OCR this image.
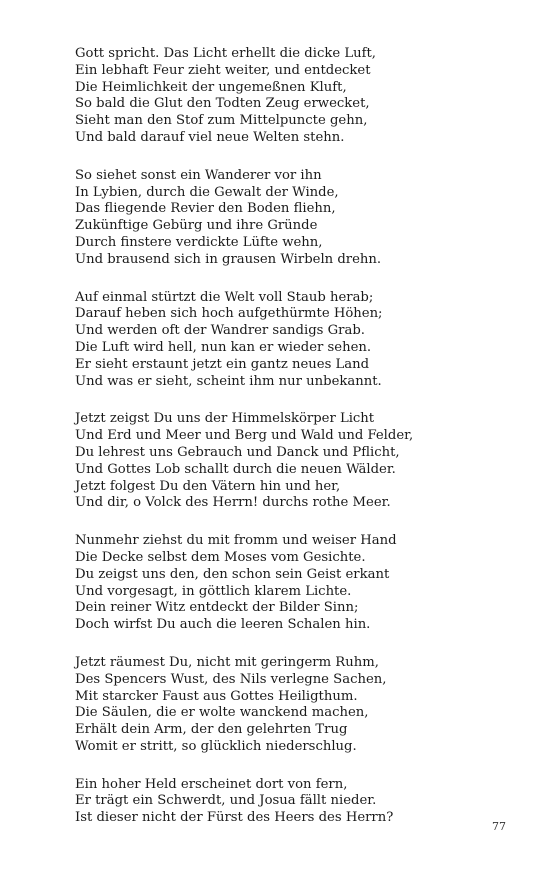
Gott spricht. Das Licht erhellt die dicke Luft,
Ein lebhaft Feur zieht weiter, und entdecket
Die Heimlichkeit der ungemeßnen Kluft,
So bald die Glut den Todten Zeug erwecket,
Sieht man den Stof zum Mittelpuncte gehn,
Und bald darauf viel neue Welten stehn.
So siehet sonst ein Wanderer vor ihn
In Lybien, durch die Gewalt der Winde,
Das fliegende Revier den Boden fliehn,
Zukünftige Gebürg und ihre Gründe
Durch finstere verdickte Lüfte wehn,
Und brausend sich in grausen Wirbeln drehn.
Auf einmal stürtzt die Welt voll Staub herab;
Darauf heben sich hoch aufgethürmte Höhen;
Und werden oft der Wandrer sandigs Grab.
Die Luft wird hell, nun kan er wieder sehen.
Er sieht erstaunt jetzt ein gantz neues Land
Und was er sieht, scheint ihm nur unbekannt.
Jetzt zeigst Du uns der Himmelskörper Licht
Und Erd und Meer und Berg und Wald und Felder,
Du lehrest uns Gebrauch und Danck und Pflicht,
Und Gottes Lob schallt durch die neuen Wälder.
Jetzt folgest Du den Vätern hin und her,
Und dir, o Volck des Herrn! durchs rothe Meer.
Nunmehr ziehst du mit fromm und weiser Hand
Die Decke selbst dem Moses vom Gesichte.
Du zeigst uns den, den schon sein Geist erkant
Und vorgesagt, in göttlich klarem Lichte.
Dein reiner Witz entdeckt der Bilder Sinn;
Doch wirfst Du auch die leeren Schalen hin.
Jetzt räumest Du, nicht mit geringerm Ruhm,
Des Spencers Wust, des Nils verlegne Sachen,
Mit starcker Faust aus Gottes Heiligthum.
Die Säulen, die er wolte wanckend machen,
Erhält dein Arm, der den gelehrten Trug
Womit er stritt, so glücklich niederschlug.
Ein hoher Held erscheinet dort von fern,
Er trägt ein Schwerdt, und Josua fällt nieder.
Ist dieser nicht der Fürst des Heers des Herrn?
77
